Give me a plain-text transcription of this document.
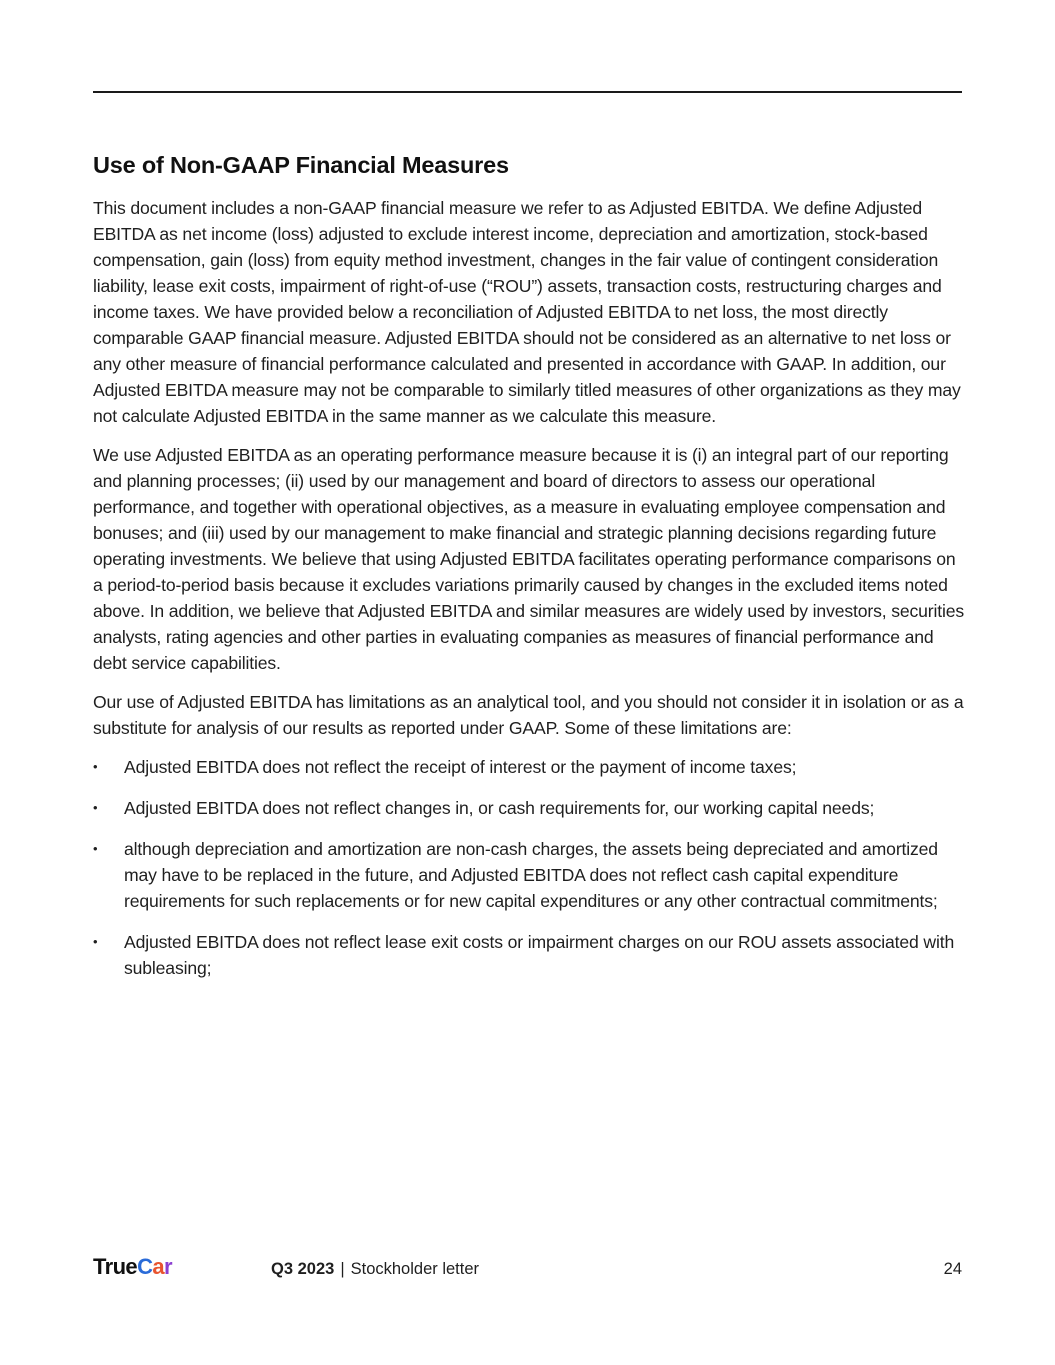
Use of Non-GAAP Financial Measures

This document includes a non-GAAP financial measure we refer to as Adjusted EBITDA. We define Adjusted EBITDA as net income (loss) adjusted to exclude interest income, depreciation and amortization, stock-based compensation, gain (loss) from equity method investment, changes in the fair value of contingent consideration liability, lease exit costs, impairment of right-of-use (“ROU”) assets, transaction costs, restructuring charges and income taxes. We have provided below a reconciliation of Adjusted EBITDA to net loss, the most directly comparable GAAP financial measure. Adjusted EBITDA should not be considered as an alternative to net loss or any other measure of financial performance calculated and presented in accordance with GAAP. In addition, our Adjusted EBITDA measure may not be comparable to similarly titled measures of other organizations as they may not calculate Adjusted EBITDA in the same manner as we calculate this measure.

We use Adjusted EBITDA as an operating performance measure because it is (i) an integral part of our reporting and planning processes; (ii) used by our management and board of directors to assess our operational performance, and together with operational objectives, as a measure in evaluating employee compensation and bonuses; and (iii) used by our management to make financial and strategic planning decisions regarding future operating investments. We believe that using Adjusted EBITDA facilitates operating performance comparisons on a period-to-period basis because it excludes variations primarily caused by changes in the excluded items noted above. In addition, we believe that Adjusted EBITDA and similar measures are widely used by investors, securities analysts, rating agencies and other parties in evaluating companies as measures of financial performance and debt service capabilities.

Our use of Adjusted EBITDA has limitations as an analytical tool, and you should not consider it in isolation or as a substitute for analysis of our results as reported under GAAP. Some of these limitations are:

•	Adjusted EBITDA does not reflect the receipt of interest or the payment of income taxes;
•	Adjusted EBITDA does not reflect changes in, or cash requirements for, our working capital needs;
•	although depreciation and amortization are non-cash charges, the assets being depreciated and amortized may have to be replaced in the future, and Adjusted EBITDA does not reflect cash capital expenditure requirements for such replacements or for new capital expenditures or any other contractual commitments;
•	Adjusted EBITDA does not reflect lease exit costs or impairment charges on our ROU assets associated with subleasing;
TrueCar	Q3 2023 | Stockholder letter	24
